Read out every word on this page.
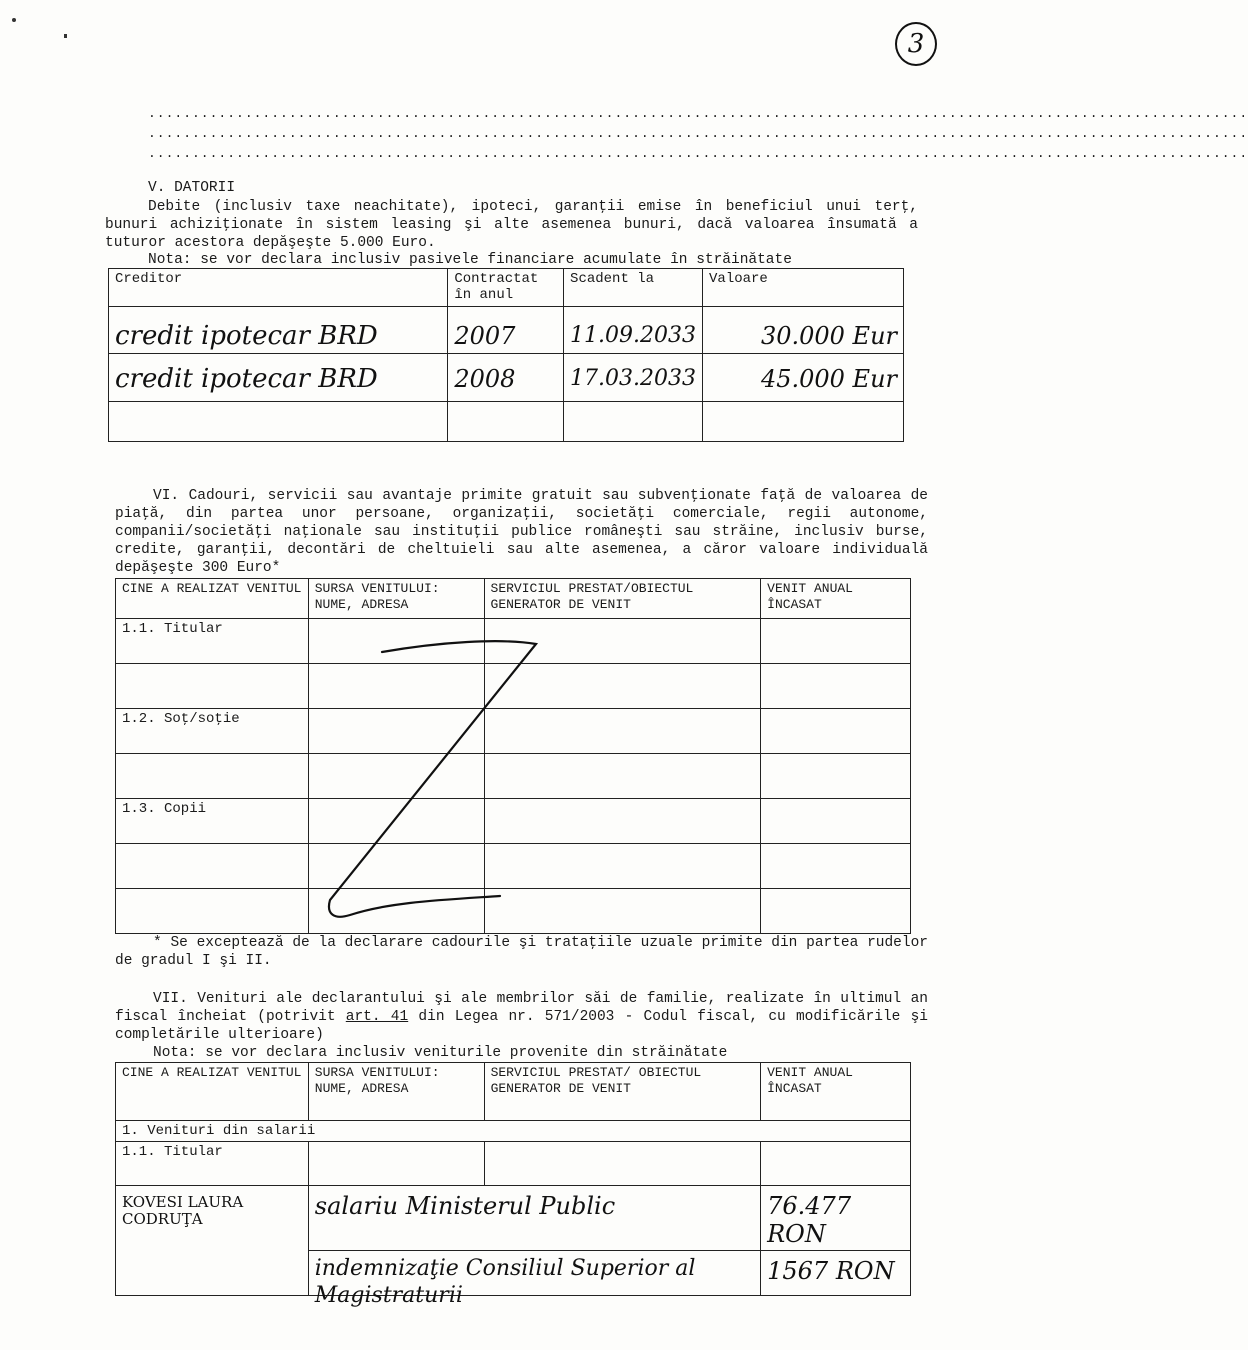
3
.............................................................................................................................
.............................................................................................................................
.............................................................................................................................
V. DATORII
Debite (inclusiv taxe neachitate), ipoteci, garanţii emise în beneficiul unui terţ, bunuri achiziţionate în sistem leasing şi alte asemenea bunuri, dacă valoarea însumată a tuturor acestora depăşeşte 5.000 Euro.
Nota: se vor declara inclusiv pasivele financiare acumulate în străinătate
Creditor	Contractat în anul	Scadent la	Valoare
credit ipotecar BRD	2007	11.09.2033	30.000 Eur
credit ipotecar BRD	2008	17.03.2033	45.000 Eur

VI. Cadouri, servicii sau avantaje primite gratuit sau subvenţionate faţă de valoarea de piaţă, din partea unor persoane, organizaţii, societăţi comerciale, regii autonome, companii/societăţi naţionale sau instituţii publice româneşti sau străine, inclusiv burse, credite, garanţii, decontări de cheltuieli sau alte asemenea, a căror valoare individuală depăşeşte 300 Euro*
CINE A REALIZAT VENITUL	SURSA VENITULUI: NUME, ADRESA	SERVICIUL PRESTAT/OBIECTUL GENERATOR DE VENIT	VENIT ANUAL ÎNCASAT
1.1. Titular			

1.2. Soţ/soţie			

1.3. Copii			

* Se exceptează de la declarare cadourile şi trataţiile uzuale primite din partea rudelor de gradul I şi II.
VII. Venituri ale declarantului şi ale membrilor săi de familie, realizate în ultimul an fiscal încheiat (potrivit art. 41 din Legea nr. 571/2003 - Codul fiscal, cu modificările şi completările ulterioare)
Nota: se vor declara inclusiv veniturile provenite din străinătate
CINE A REALIZAT VENITUL	SURSA VENITULUI: NUME, ADRESA	SERVICIUL PRESTAT/ OBIECTUL GENERATOR DE VENIT	VENIT ANUAL ÎNCASAT
1. Venituri din salarii			
1.1. Titular			
KOVESI LAURA CODRUŢA	salariu Ministerul Public		76.477 RON

	indemnizaţie Consiliul Superior al Magistraturii		1567 RON
